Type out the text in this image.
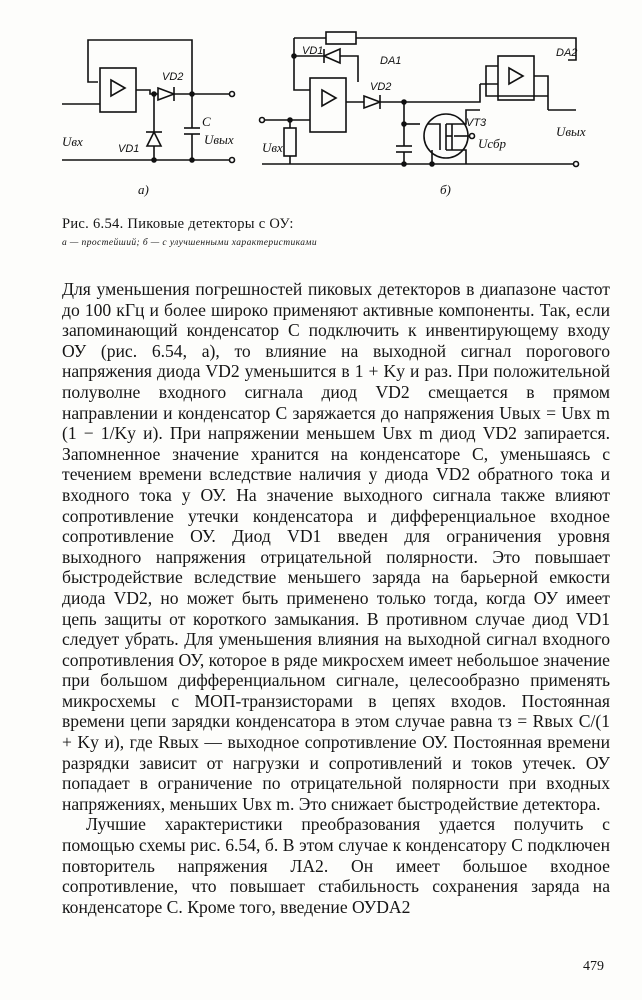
VD2
VD1
C
Uвх	Uвых
а)
VD1
DA1
VD2
DA2
VT3
Uсбр
Uвх
Uвых
б)
Рис. 6.54. Пиковые детекторы с ОУ:
а — простейший; б — с улучшенными характеристиками

Для уменьшения погрешностей пиковых детекторов в диапазоне частот до 100 кГц и более широко применяют активные компоненты. Так, если запоминающий конденсатор C подключить к инвентирующему входу ОУ (рис. 6.54, а), то влияние на выходной сигнал порогового напряжения диода VD2 уменьшится в 1 + Kу и раз. При положительной полуволне входного сигнала диод VD2 смещается в прямом направлении и конденсатор C заряжается до напряжения Uвых = Uвх m (1 − 1/Kу и). При напряжении меньшем Uвх m диод VD2 запирается. Запомненное значение хранится на конденсаторе C, уменьшаясь с течением времени вследствие наличия у диода VD2 обратного тока и входного тока у ОУ. На значение выходного сигнала также влияют сопротивление утечки конденсатора и дифференциальное входное сопротивление ОУ. Диод VD1 введен для ограничения уровня выходного напряжения отрицательной полярности. Это повышает быстродействие вследствие меньшего заряда на барьерной емкости диода VD2, но может быть применено только тогда, когда ОУ имеет цепь защиты от короткого замыкания. В противном случае диод VD1 следует убрать. Для уменьшения влияния на выходной сигнал входного сопротивления ОУ, которое в ряде микросхем имеет небольшое значение при большом дифференциальном сигнале, целесообразно применять микросхемы с МОП-транзисторами в цепях входов. Постоянная времени цепи зарядки конденсатора в этом случае равна τз = Rвых C/(1 + Kу и), где Rвых — выходное сопротивление ОУ. Постоянная времени разрядки зависит от нагрузки и сопротивлений и токов утечек. ОУ попадает в ограничение по отрицательной полярности при входных напряжениях, меньших Uвх m. Это снижает быстродействие детектора.

Лучшие характеристики преобразования удается получить с помощью схемы рис. 6.54, б. В этом случае к конденсатору C подключен повторитель напряжения ЛА2. Он имеет большое входное сопротивление, что повышает стабильность сохранения заряда на конденсаторе C. Кроме того, введение ОУDA2

479
